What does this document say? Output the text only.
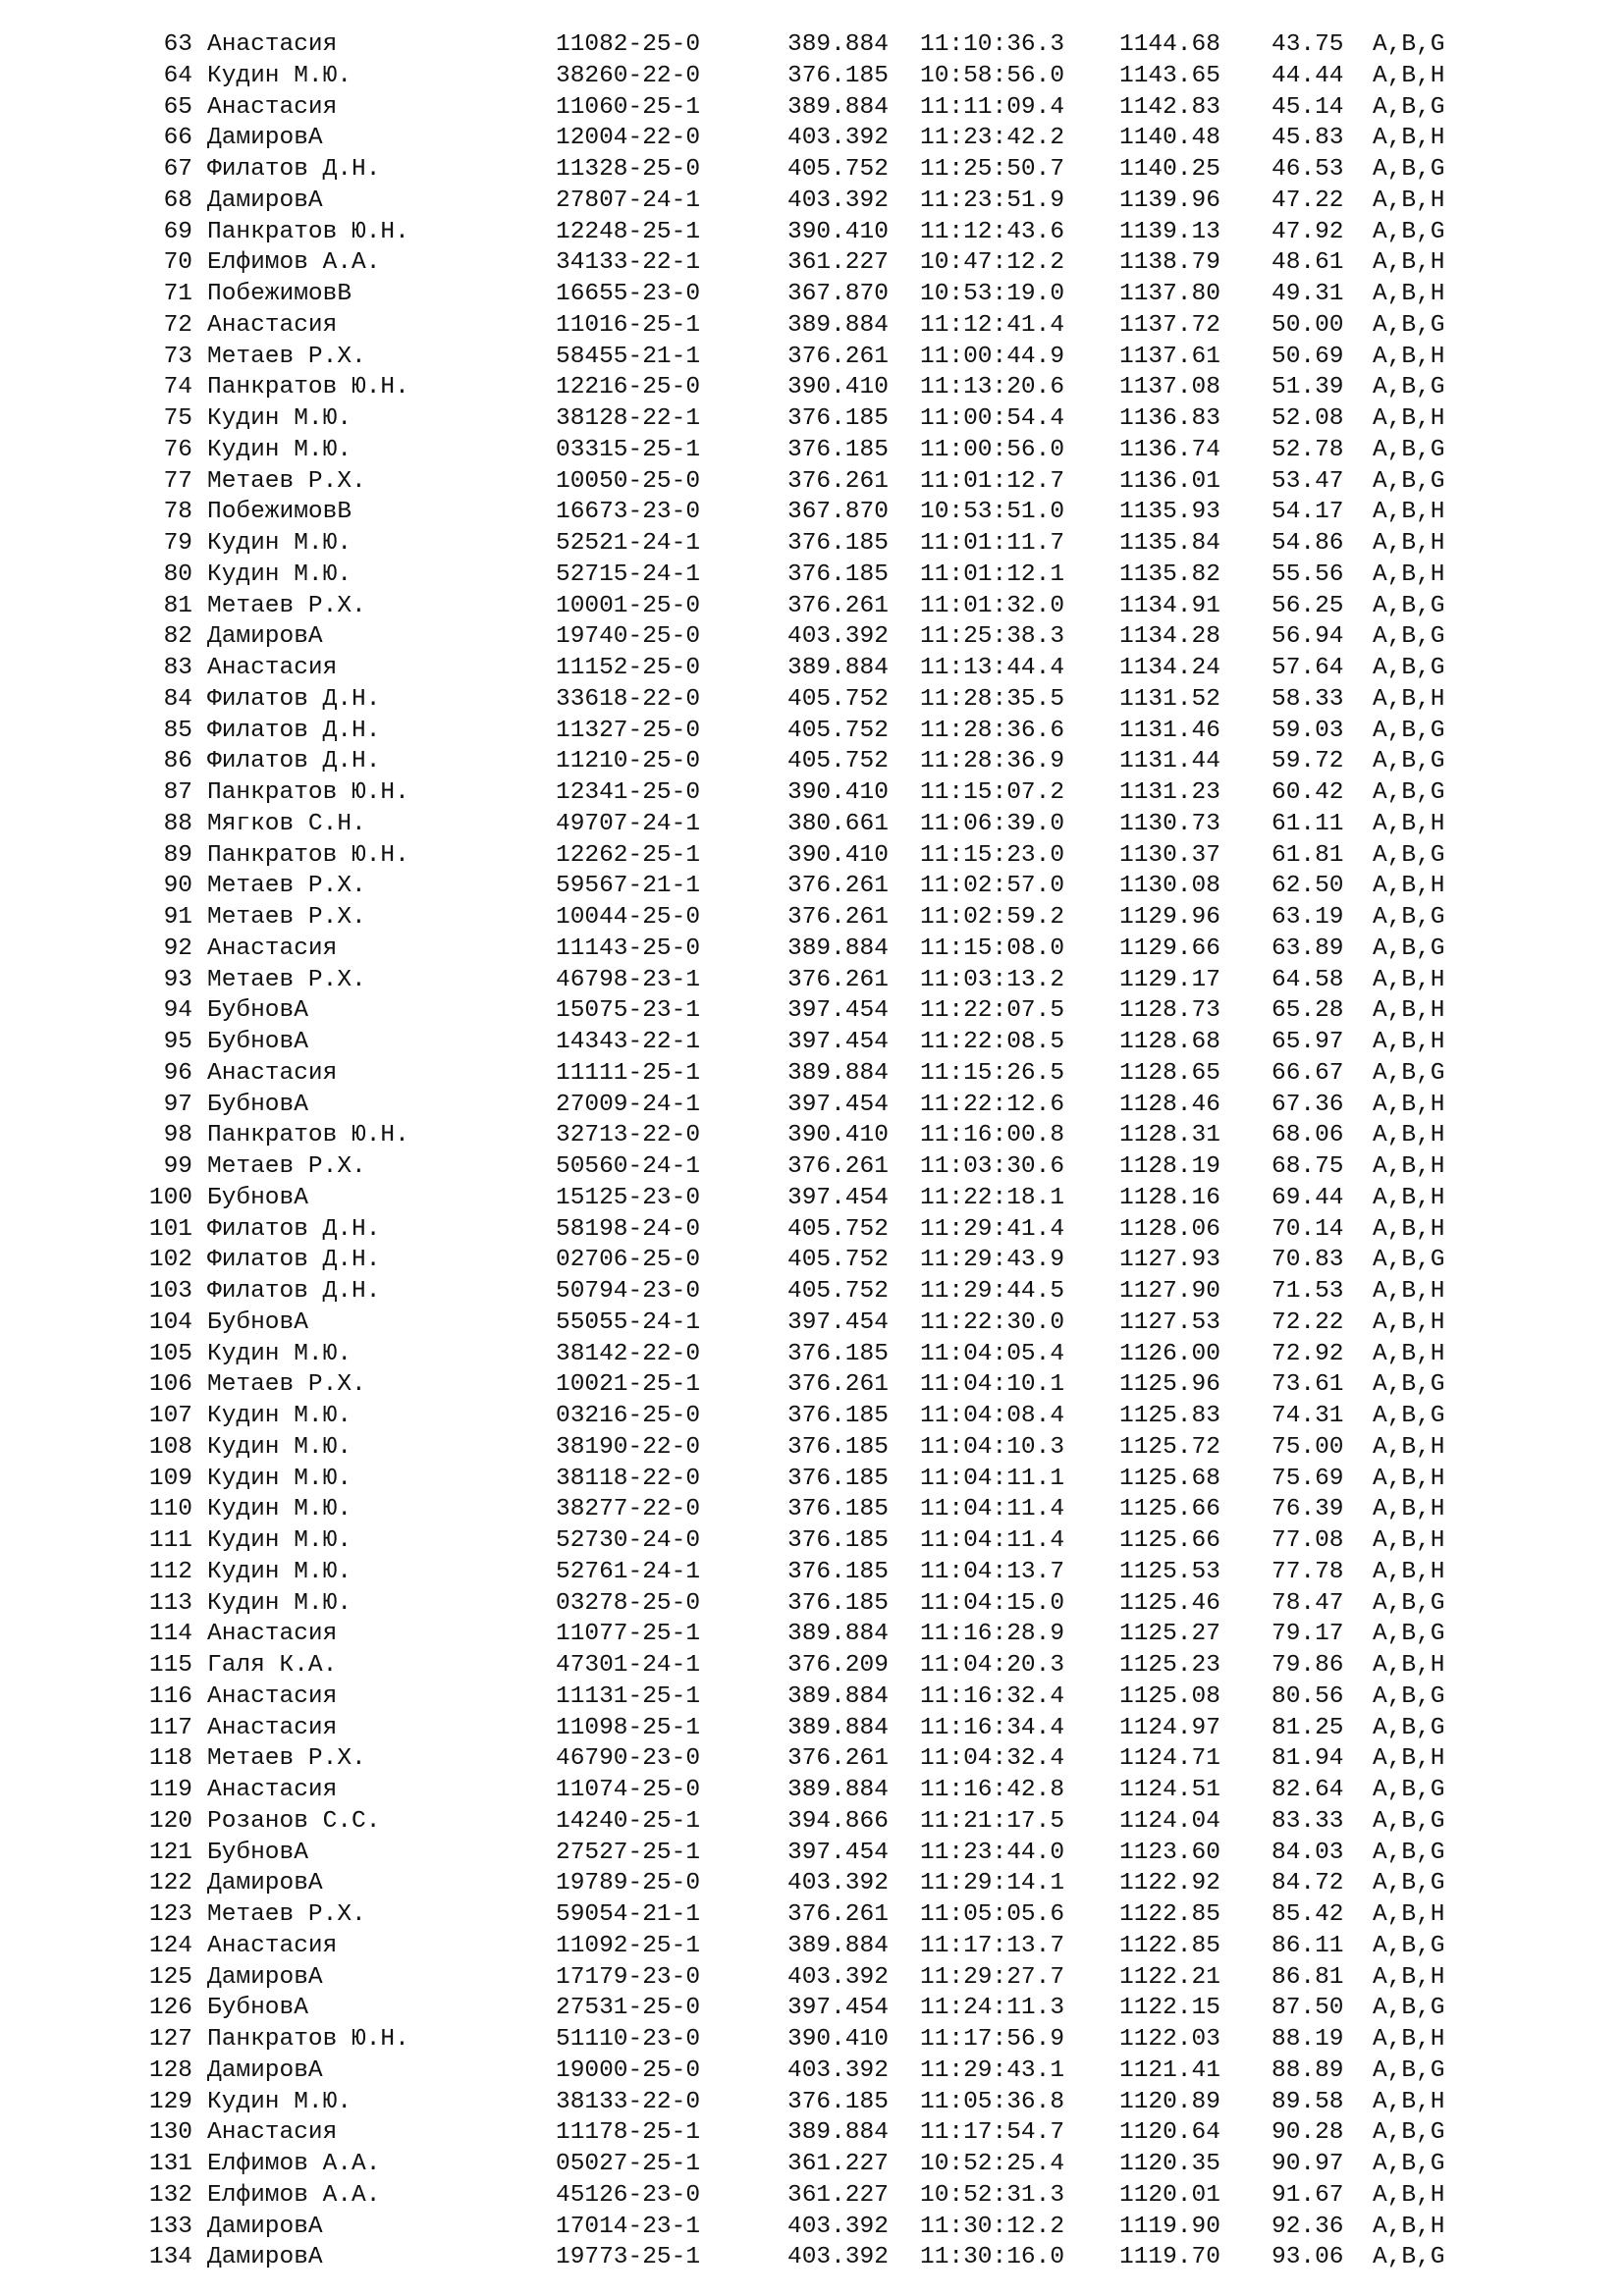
63 Анастасия	11082-25-0	389.884 11:10:36.3 1144.68 43.75 A,B,G
64 Кудин М.Ю.	38260-22-0	376.185 10:58:56.0 1143.65 44.44 A,B,H
65 Анастасия	11060-25-1	389.884 11:11:09.4 1142.83 45.14 A,B,G
66 ДамировА	12004-22-0	403.392 11:23:42.2 1140.48 45.83 A,B,H
67 Филатов Д.Н.	11328-25-0	405.752 11:25:50.7 1140.25 46.53 A,B,G
68 ДамировА	27807-24-1	403.392 11:23:51.9 1139.96 47.22 A,B,H
69 Панкратов Ю.Н.	12248-25-1	390.410 11:12:43.6 1139.13 47.92 A,B,G
70 Елфимов А.А.	34133-22-1	361.227 10:47:12.2 1138.79 48.61 A,B,H
71 ПобежимовВ	16655-23-0	367.870 10:53:19.0 1137.80 49.31 A,B,H
72 Анастасия	11016-25-1	389.884 11:12:41.4 1137.72 50.00 A,B,G
73 Метаев Р.Х.	58455-21-1	376.261 11:00:44.9 1137.61 50.69 A,B,H
74 Панкратов Ю.Н.	12216-25-0	390.410 11:13:20.6 1137.08 51.39 A,B,G
75 Кудин М.Ю.	38128-22-1	376.185 11:00:54.4 1136.83 52.08 A,B,H
76 Кудин М.Ю.	03315-25-1	376.185 11:00:56.0 1136.74 52.78 A,B,G
77 Метаев Р.Х.	10050-25-0	376.261 11:01:12.7 1136.01 53.47 A,B,G
78 ПобежимовВ	16673-23-0	367.870 10:53:51.0 1135.93 54.17 A,B,H
79 Кудин М.Ю.	52521-24-1	376.185 11:01:11.7 1135.84 54.86 A,B,H
80 Кудин М.Ю.	52715-24-1	376.185 11:01:12.1 1135.82 55.56 A,B,H
81 Метаев Р.Х.	10001-25-0	376.261 11:01:32.0 1134.91 56.25 A,B,G
82 ДамировА	19740-25-0	403.392 11:25:38.3 1134.28 56.94 A,B,G
83 Анастасия	11152-25-0	389.884 11:13:44.4 1134.24 57.64 A,B,G
84 Филатов Д.Н.	33618-22-0	405.752 11:28:35.5 1131.52 58.33 A,B,H
85 Филатов Д.Н.	11327-25-0	405.752 11:28:36.6 1131.46 59.03 A,B,G
86 Филатов Д.Н.	11210-25-0	405.752 11:28:36.9 1131.44 59.72 A,B,G
87 Панкратов Ю.Н.	12341-25-0	390.410 11:15:07.2 1131.23 60.42 A,B,G
88 Мягков С.Н.	49707-24-1	380.661 11:06:39.0 1130.73 61.11 A,B,H
89 Панкратов Ю.Н.	12262-25-1	390.410 11:15:23.0 1130.37 61.81 A,B,G
90 Метаев Р.Х.	59567-21-1	376.261 11:02:57.0 1130.08 62.50 A,B,H
91 Метаев Р.Х.	10044-25-0	376.261 11:02:59.2 1129.96 63.19 A,B,G
92 Анастасия	11143-25-0	389.884 11:15:08.0 1129.66 63.89 A,B,G
93 Метаев Р.Х.	46798-23-1	376.261 11:03:13.2 1129.17 64.58 A,B,H
94 БубновА	15075-23-1	397.454 11:22:07.5 1128.73 65.28 A,B,H
95 БубновА	14343-22-1	397.454 11:22:08.5 1128.68 65.97 A,B,H
96 Анастасия	11111-25-1	389.884 11:15:26.5 1128.65 66.67 A,B,G
97 БубновА	27009-24-1	397.454 11:22:12.6 1128.46 67.36 A,B,H
98 Панкратов Ю.Н.	32713-22-0	390.410 11:16:00.8 1128.31 68.06 A,B,H
99 Метаев Р.Х.	50560-24-1	376.261 11:03:30.6 1128.19 68.75 A,B,H
100 БубновА	15125-23-0	397.454 11:22:18.1 1128.16 69.44 A,B,H
101 Филатов Д.Н.	58198-24-0	405.752 11:29:41.4 1128.06 70.14 A,B,H
102 Филатов Д.Н.	02706-25-0	405.752 11:29:43.9 1127.93 70.83 A,B,G
103 Филатов Д.Н.	50794-23-0	405.752 11:29:44.5 1127.90 71.53 A,B,H
104 БубновА	55055-24-1	397.454 11:22:30.0 1127.53 72.22 A,B,H
105 Кудин М.Ю.	38142-22-0	376.185 11:04:05.4 1126.00 72.92 A,B,H
106 Метаев Р.Х.	10021-25-1	376.261 11:04:10.1 1125.96 73.61 A,B,G
107 Кудин М.Ю.	03216-25-0	376.185 11:04:08.4 1125.83 74.31 A,B,G
108 Кудин М.Ю.	38190-22-0	376.185 11:04:10.3 1125.72 75.00 A,B,H
109 Кудин М.Ю.	38118-22-0	376.185 11:04:11.1 1125.68 75.69 A,B,H
110 Кудин М.Ю.	38277-22-0	376.185 11:04:11.4 1125.66 76.39 A,B,H
111 Кудин М.Ю.	52730-24-0	376.185 11:04:11.4 1125.66 77.08 A,B,H
112 Кудин М.Ю.	52761-24-1	376.185 11:04:13.7 1125.53 77.78 A,B,H
113 Кудин М.Ю.	03278-25-0	376.185 11:04:15.0 1125.46 78.47 A,B,G
114 Анастасия	11077-25-1	389.884 11:16:28.9 1125.27 79.17 A,B,G
115 Галя К.А.	47301-24-1	376.209 11:04:20.3 1125.23 79.86 A,B,H
116 Анастасия	11131-25-1	389.884 11:16:32.4 1125.08 80.56 A,B,G
117 Анастасия	11098-25-1	389.884 11:16:34.4 1124.97 81.25 A,B,G
118 Метаев Р.Х.	46790-23-0	376.261 11:04:32.4 1124.71 81.94 A,B,H
119 Анастасия	11074-25-0	389.884 11:16:42.8 1124.51 82.64 A,B,G
120 Розанов С.С.	14240-25-1	394.866 11:21:17.5 1124.04 83.33 A,B,G
121 БубновА	27527-25-1	397.454 11:23:44.0 1123.60 84.03 A,B,G
122 ДамировА	19789-25-0	403.392 11:29:14.1 1122.92 84.72 A,B,G
123 Метаев Р.Х.	59054-21-1	376.261 11:05:05.6 1122.85 85.42 A,B,H
124 Анастасия	11092-25-1	389.884 11:17:13.7 1122.85 86.11 A,B,G
125 ДамировА	17179-23-0	403.392 11:29:27.7 1122.21 86.81 A,B,H
126 БубновА	27531-25-0	397.454 11:24:11.3 1122.15 87.50 A,B,G
127 Панкратов Ю.Н.	51110-23-0	390.410 11:17:56.9 1122.03 88.19 A,B,H
128 ДамировА	19000-25-0	403.392 11:29:43.1 1121.41 88.89 A,B,G
129 Кудин М.Ю.	38133-22-0	376.185 11:05:36.8 1120.89 89.58 A,B,H
130 Анастасия	11178-25-1	389.884 11:17:54.7 1120.64 90.28 A,B,G
131 Елфимов А.А.	05027-25-1	361.227 10:52:25.4 1120.35 90.97 A,B,G
132 Елфимов А.А.	45126-23-0	361.227 10:52:31.3 1120.01 91.67 A,B,H
133 ДамировА	17014-23-1	403.392 11:30:12.2 1119.90 92.36 A,B,H
134 ДамировА	19773-25-1	403.392 11:30:16.0 1119.70 93.06 A,B,G
